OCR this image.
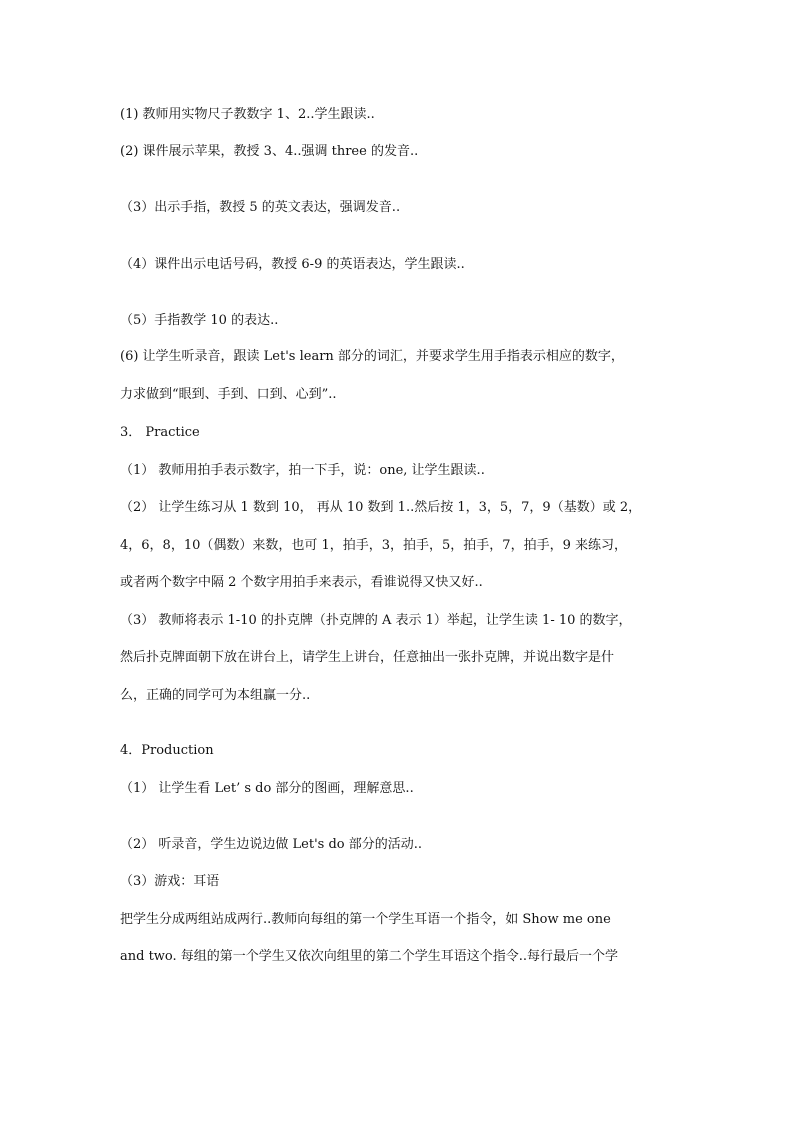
(1) 教师用实物尺子教数字 1、2..学生跟读..
(2) 课件展示苹果，教授 3、4..强调 three 的发音..
（3）出示手指，教授 5 的英文表达，强调发音..
（4）课件出示电话号码，教授 6-9 的英语表达，学生跟读..
（5）手指教学 10 的表达..
(6) 让学生听录音，跟读 Let's learn 部分的词汇，并要求学生用手指表示相应的数字，
力求做到“眼到、手到、口到、心到”..
3． Practice
（1） 教师用拍手表示数字，拍一下手，说：one, 让学生跟读..
（2） 让学生练习从 1 数到 10， 再从 10 数到 1..然后按 1，3，5，7，9（基数）或 2，
4，6，8，10（偶数）来数，也可 1，拍手，3，拍手，5，拍手，7，拍手，9 来练习，
或者两个数字中隔 2 个数字用拍手来表示，看谁说得又快又好..
（3） 教师将表示 1-10 的扑克牌（扑克牌的 A 表示 1）举起，让学生读 1- 10 的数字，
然后扑克牌面朝下放在讲台上，请学生上讲台，任意抽出一张扑克牌，并说出数字是什
么，正确的同学可为本组赢一分..
4．Production
（1） 让学生看 Let’ s do 部分的图画，理解意思..
（2） 听录音，学生边说边做 Let's do 部分的活动..
（3）游戏：耳语
把学生分成两组站成两行..教师向每组的第一个学生耳语一个指令，如 Show me one
and two. 每组的第一个学生又依次向组里的第二个学生耳语这个指令..每行最后一个学
